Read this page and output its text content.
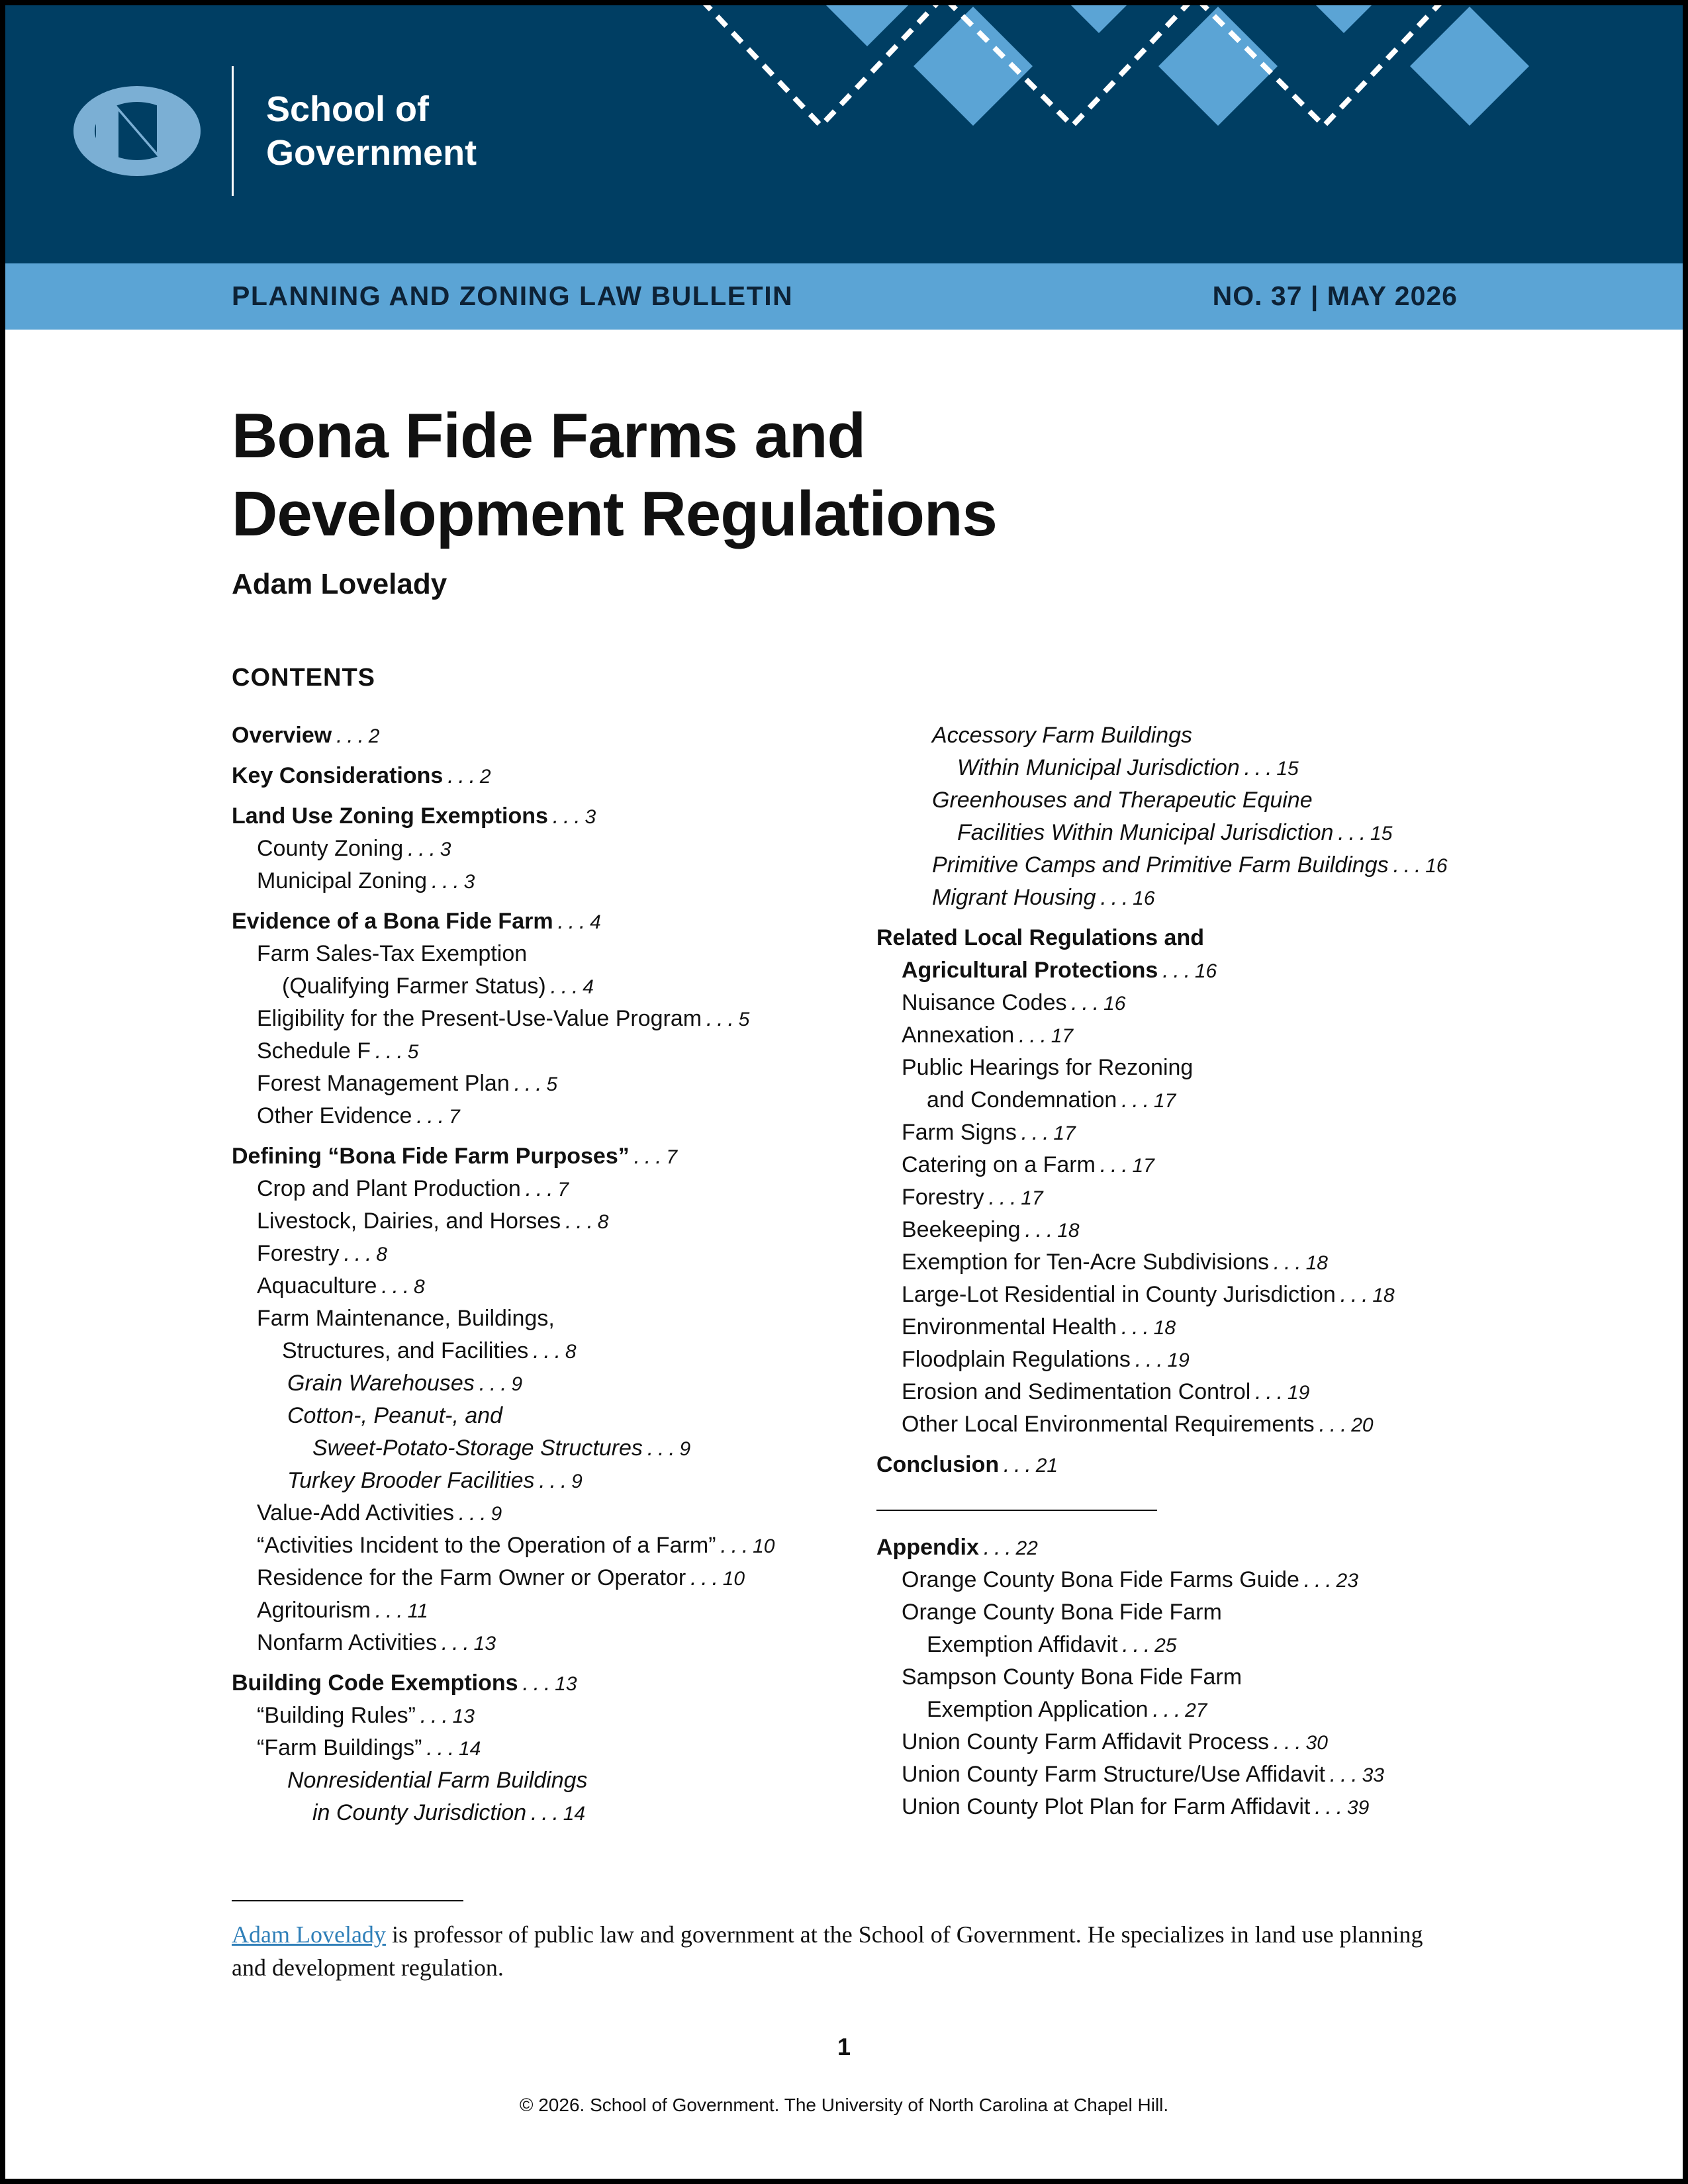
School of
Government
PLANNING AND ZONING LAW BULLETIN	NO. 37 | MAY 2026
Bona Fide Farms and
Development Regulations
Adam Lovelady
CONTENTS
Overview . . . 2
Key Considerations . . . 2
Land Use Zoning Exemptions . . . 3
County Zoning . . . 3
Municipal Zoning . . . 3
Evidence of a Bona Fide Farm . . . 4
Farm Sales-Tax Exemption
(Qualifying Farmer Status) . . . 4
Eligibility for the Present-Use-Value Program . . . 5
Schedule F . . . 5
Forest Management Plan . . . 5
Other Evidence . . . 7
Defining “Bona Fide Farm Purposes” . . . 7
Crop and Plant Production . . . 7
Livestock, Dairies, and Horses . . . 8
Forestry . . . 8
Aquaculture . . . 8
Farm Maintenance, Buildings,
Structures, and Facilities . . . 8
Grain Warehouses . . . 9
Cotton-, Peanut-, and
Sweet-Potato-Storage Structures . . . 9
Turkey Brooder Facilities . . . 9
Value-Add Activities . . . 9
“Activities Incident to the Operation of a Farm” . . . 10
Residence for the Farm Owner or Operator . . . 10
Agritourism . . . 11
Nonfarm Activities . . . 13
Building Code Exemptions . . . 13
“Building Rules” . . . 13
“Farm Buildings” . . . 14
Nonresidential Farm Buildings
in County Jurisdiction . . . 14
Accessory Farm Buildings
Within Municipal Jurisdiction . . . 15
Greenhouses and Therapeutic Equine
Facilities Within Municipal Jurisdiction . . . 15
Primitive Camps and Primitive Farm Buildings . . . 16
Migrant Housing . . . 16
Related Local Regulations and
Agricultural Protections . . . 16
Nuisance Codes . . . 16
Annexation . . . 17
Public Hearings for Rezoning
and Condemnation . . . 17
Farm Signs . . . 17
Catering on a Farm . . . 17
Forestry . . . 17
Beekeeping . . . 18
Exemption for Ten-Acre Subdivisions . . . 18
Large-Lot Residential in County Jurisdiction . . . 18
Environmental Health . . . 18
Floodplain Regulations . . . 19
Erosion and Sedimentation Control . . . 19
Other Local Environmental Requirements . . . 20
Conclusion . . . 21
Appendix . . . 22
Orange County Bona Fide Farms Guide . . . 23
Orange County Bona Fide Farm
Exemption Affidavit . . . 25
Sampson County Bona Fide Farm
Exemption Application . . . 27
Union County Farm Affidavit Process . . . 30
Union County Farm Structure/Use Affidavit . . . 33
Union County Plot Plan for Farm Affidavit . . . 39
Adam Lovelady is professor of public law and government at the School of Government. He specializes in land use planning and development regulation.
1
© 2026. School of Government. The University of North Carolina at Chapel Hill.
